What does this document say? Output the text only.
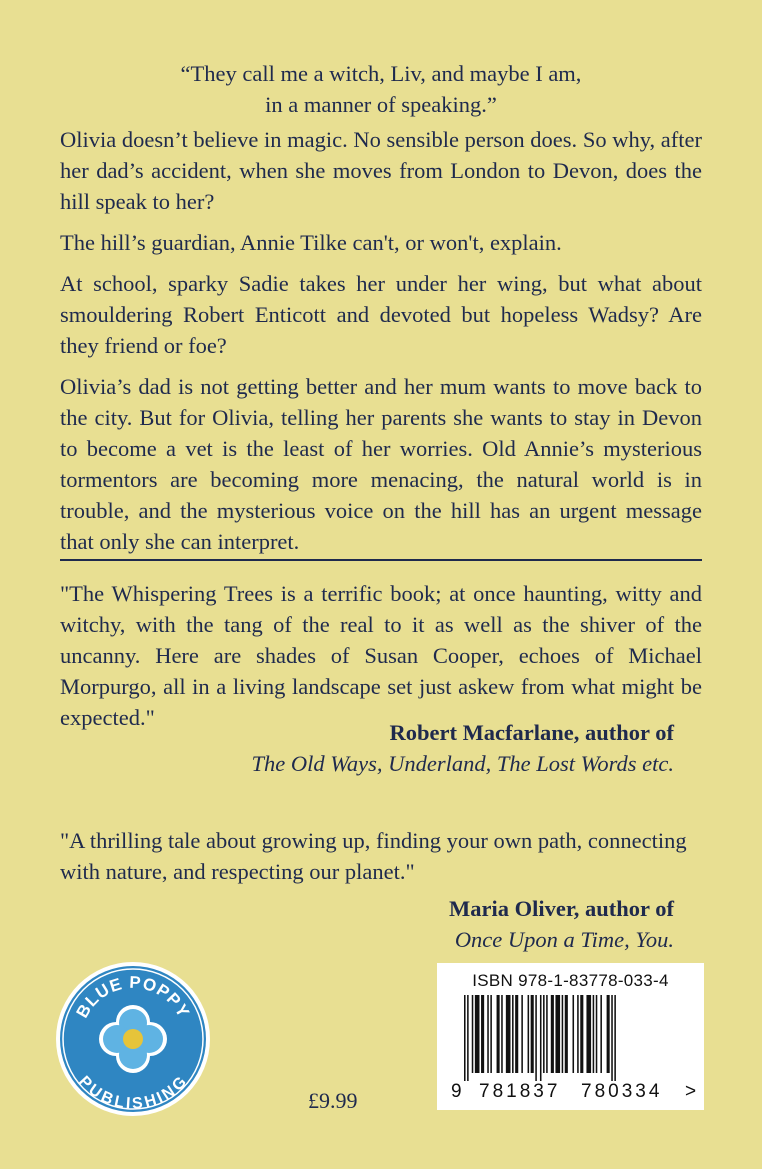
“They call me a witch, Liv, and maybe I am,
in a manner of speaking.”

Olivia doesn’t believe in magic. No sensible person does. So why, after her dad’s accident, when she moves from London to Devon, does the hill speak to her?

The hill’s guardian, Annie Tilke can't, or won't, explain.

At school, sparky Sadie takes her under her wing, but what about smouldering Robert Enticott and devoted but hopeless Wadsy? Are they friend or foe?

Olivia’s dad is not getting better and her mum wants to move back to the city. But for Olivia, telling her parents she wants to stay in Devon to become a vet is the least of her worries. Old Annie’s mysterious tormentors are becoming more menacing, the natural world is in trouble, and the mysterious voice on the hill has an urgent message that only she can interpret.

"The Whispering Trees is a terrific book; at once haunting, witty and witchy, with the tang of the real to it as well as the shiver of the uncanny. Here are shades of Susan Cooper, echoes of Michael Morpurgo, all in a living landscape set just askew from what might be expected."

Robert Macfarlane, author of
The Old Ways, Underland, The Lost Words etc.
"A thrilling tale about growing up, finding your own path, connecting with nature, and respecting our planet."
Maria Oliver, author of
Once Upon a Time, You.
BLUE POPPY
PUBLISHING
£9.99
ISBN 978-1-83778-033-4
9 781837 780334 >
